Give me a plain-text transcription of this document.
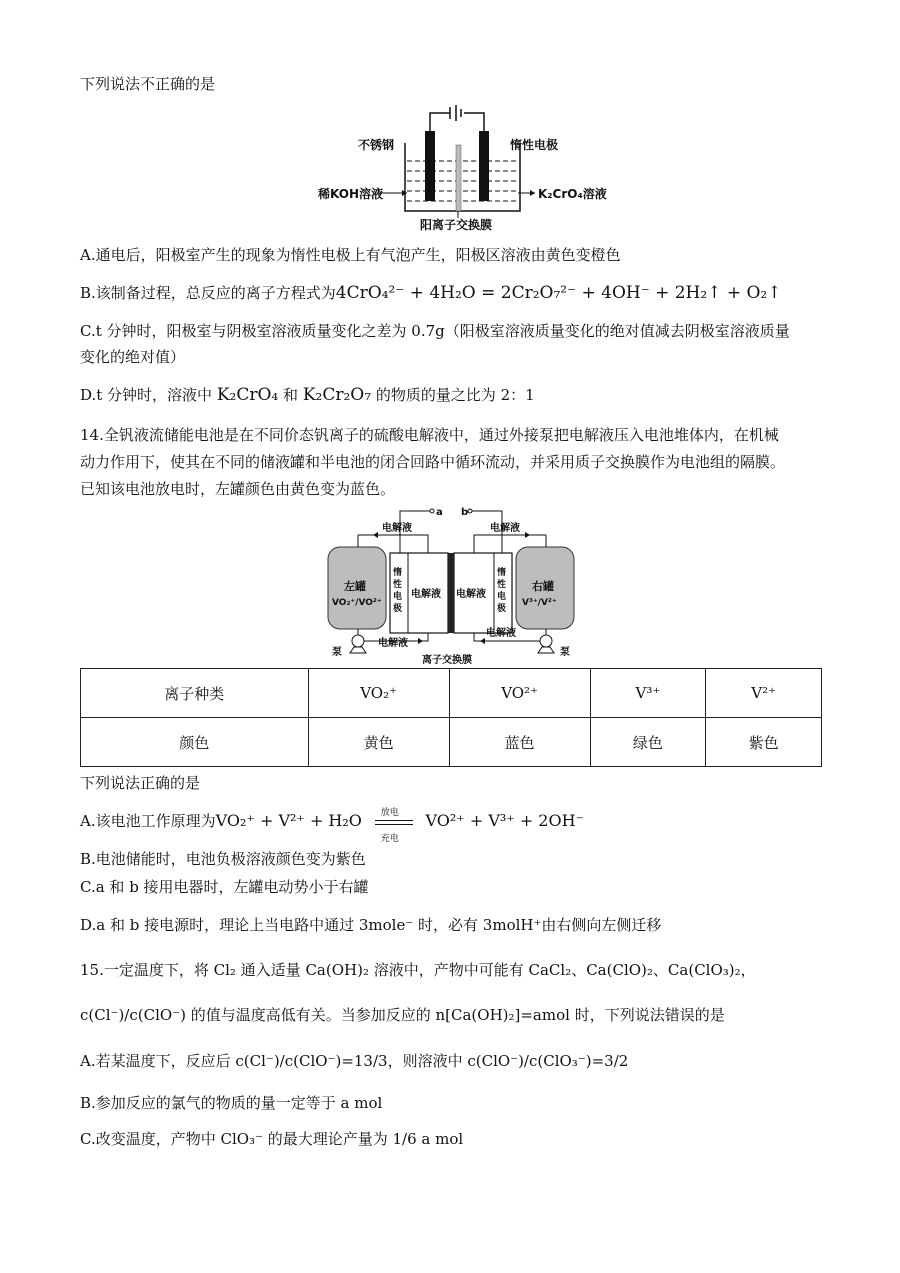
下列说法不正确的是
不锈钢	惰性电极
稀KOH溶液	K₂CrO₄溶液
阳离子交换膜
A.通电后，阳极室产生的现象为惰性电极上有气泡产生，阳极区溶液由黄色变橙色
B.该制备过程，总反应的离子方程式为4CrO₄²⁻ + 4H₂O = 2Cr₂O₇²⁻ + 4OH⁻ + 2H₂↑ + O₂↑
C.t 分钟时，阳极室与阴极室溶液质量变化之差为 0.7g（阳极室溶液质量变化的绝对值减去阴极室溶液质量
变化的绝对值）
D.t 分钟时，溶液中 K₂CrO₄ 和 K₂Cr₂O₇ 的物质的量之比为 2：1
14.全钒液流储能电池是在不同价态钒离子的硫酸电解液中，通过外接泵把电解液压入电池堆体内，在机械
动力作用下，使其在不同的储液罐和半电池的闭合回路中循环流动，并采用质子交换膜作为电池组的隔膜。
已知该电池放电时，左罐颜色由黄色变为蓝色。
左罐
VO₂⁺/VO²⁺
右罐
V³⁺/V²⁺
电解液	电解液
电解液 电解液
电解液
电解液
a b
泵	泵
离子交换膜
惰性电极
惰性电极
离子种类	VO₂⁺	VO²⁺	V³⁺	V²⁺
颜色	黄色	蓝色	绿色	紫色
下列说法正确的是
A.该电池工作原理为VO₂⁺ + V²⁺ + H₂O 放电
充电
VO²⁺ + V³⁺ + 2OH⁻
B.电池储能时，电池负极溶液颜色变为紫色
C.a 和 b 接用电器时，左罐电动势小于右罐
D.a 和 b 接电源时，理论上当电路中通过 3mole⁻ 时，必有 3molH⁺由右侧向左侧迁移
15.一定温度下，将 Cl₂ 通入适量 Ca(OH)₂ 溶液中，产物中可能有 CaCl₂、Ca(ClO)₂、Ca(ClO₃)₂，
c(Cl⁻)/c(ClO⁻) 的值与温度高低有关。当参加反应的 n[Ca(OH)₂]=amol 时，下列说法错误的是
A.若某温度下，反应后 c(Cl⁻)/c(ClO⁻)=13/3，则溶液中 c(ClO⁻)/c(ClO₃⁻)=3/2
B.参加反应的氯气的物质的量一定等于 a mol
C.改变温度，产物中 ClO₃⁻ 的最大理论产量为 1/6 a mol
